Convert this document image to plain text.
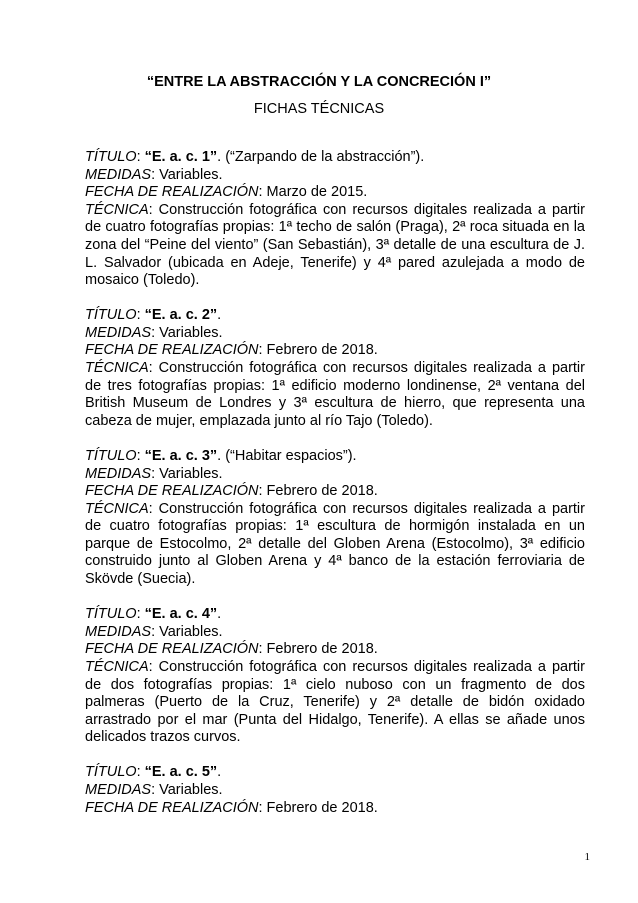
“ENTRE LA ABSTRACCIÓN Y LA CONCRECIÓN I”
FICHAS TÉCNICAS

TÍTULO: “E. a. c. 1”. (“Zarpando de la abstracción”).

MEDIDAS: Variables.

FECHA DE REALIZACIÓN: Marzo de 2015.

TÉCNICA: Construcción fotográfica con recursos digitales realizada a partir de cuatro fotografías propias: 1ª techo de salón (Praga), 2ª roca situada en la zona del “Peine del viento” (San Sebastián), 3ª detalle de una escultura de J. L. Salvador (ubicada en Adeje, Tenerife) y 4ª pared azulejada a modo de mosaico (Toledo).

TÍTULO: “E. a. c. 2”.

MEDIDAS: Variables.

FECHA DE REALIZACIÓN: Febrero de 2018.

TÉCNICA: Construcción fotográfica con recursos digitales realizada a partir de tres fotografías propias: 1ª edificio moderno londinense, 2ª ventana del British Museum de Londres y 3ª escultura de hierro, que representa una cabeza de mujer, emplazada junto al río Tajo (Toledo).

TÍTULO: “E. a. c. 3”. (“Habitar espacios”).

MEDIDAS: Variables.

FECHA DE REALIZACIÓN: Febrero de 2018.

TÉCNICA: Construcción fotográfica con recursos digitales realizada a partir de cuatro fotografías propias: 1ª escultura de hormigón instalada en un parque de Estocolmo, 2ª detalle del Globen Arena (Estocolmo), 3ª edificio construido junto al Globen Arena y 4ª banco de la estación ferroviaria de Skövde (Suecia).

TÍTULO: “E. a. c. 4”.

MEDIDAS: Variables.

FECHA DE REALIZACIÓN: Febrero de 2018.

TÉCNICA: Construcción fotográfica con recursos digitales realizada a partir de dos fotografías propias: 1ª cielo nuboso con un fragmento de dos palmeras (Puerto de la Cruz, Tenerife) y 2ª detalle de bidón oxidado arrastrado por el mar (Punta del Hidalgo, Tenerife). A ellas se añade unos delicados trazos curvos.

TÍTULO: “E. a. c. 5”.

MEDIDAS: Variables.

FECHA DE REALIZACIÓN: Febrero de 2018.

1
